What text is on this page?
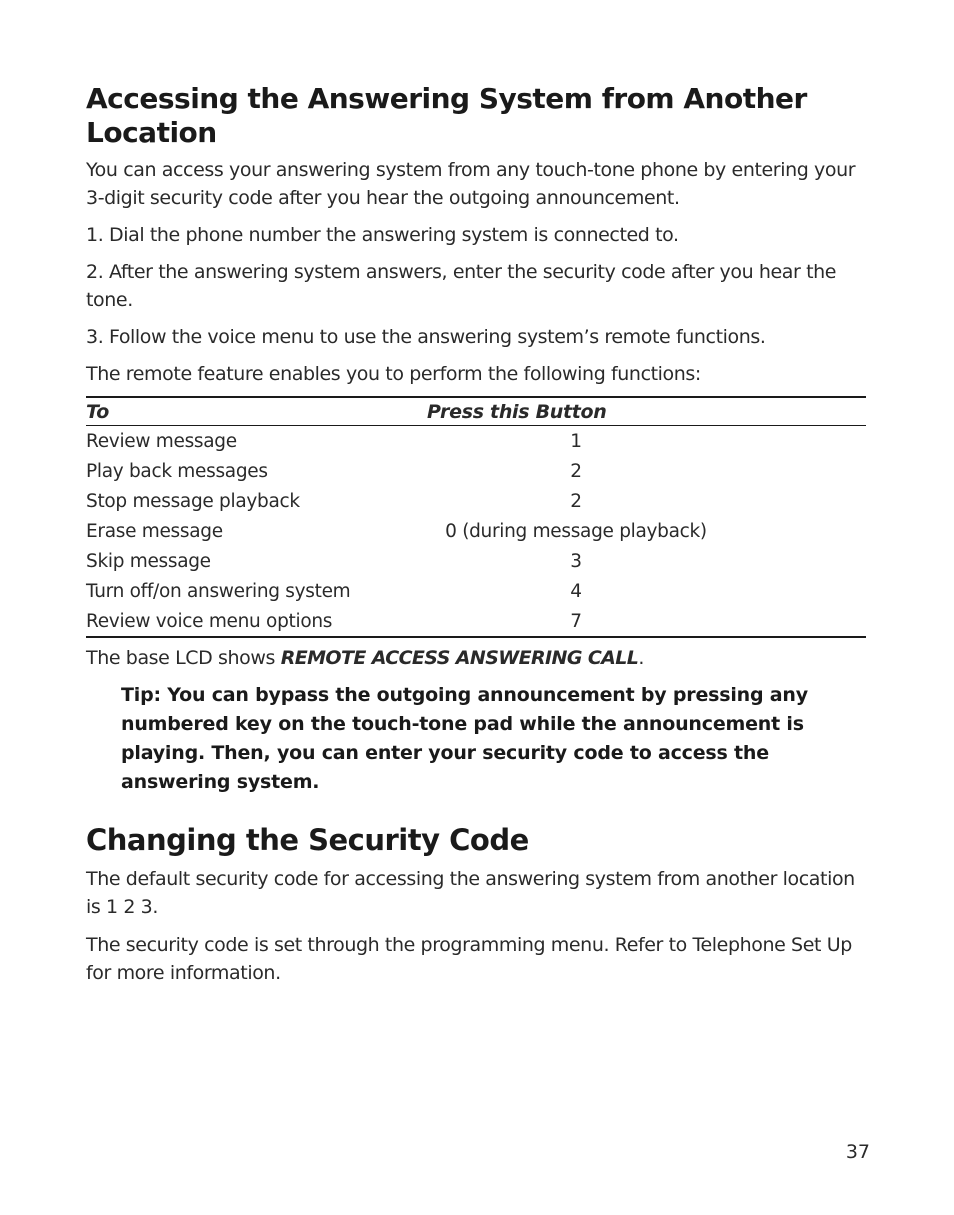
Accessing the Answering System from Another Location

You can access your answering system from any touch-tone phone by entering your 3-digit security code after you hear the outgoing announcement.

1. Dial the phone number the answering system is connected to.

2. After the answering system answers, enter the security code after you hear the tone.

3. Follow the voice menu to use the answering system’s remote functions.

The remote feature enables you to perform the following functions:

To	Press this Button	
Review message	1	
Play back messages	2	
Stop message playback	2	
Erase message	0 (during message playback)	
Skip message	3	
Turn off/on answering system	4	
Review voice menu options	7	

The base LCD shows REMOTE ACCESS ANSWERING CALL.

Tip: You can bypass the outgoing announcement by pressing any numbered key on the touch-tone pad while the announcement is playing. Then, you can enter your security code to access the answering system.

Changing the Security Code

The default security code for accessing the answering system from another location is 1 2 3.

The security code is set through the programming menu. Refer to Telephone Set Up for more information.

37
